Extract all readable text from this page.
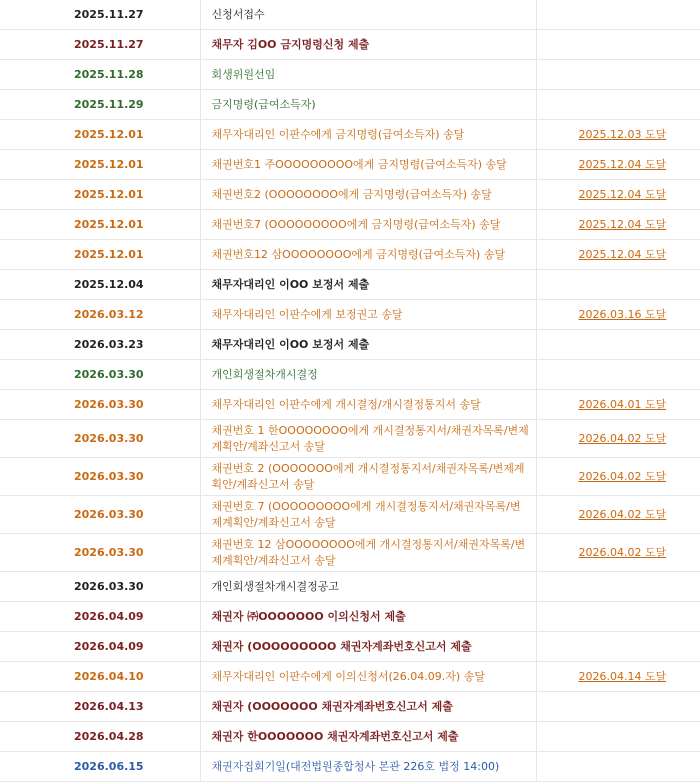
2025.11.27	신청서접수	
2025.11.27	채무자 김OO 금지명령신청 제출	
2025.11.28	회생위원선임	
2025.11.29	금지명령(급여소득자)	
2025.12.01	채무자대리인 이판수에게 금지명령(급여소득자) 송달	2025.12.03 도달
2025.12.01	채권번호1 주OOOOOOOOO에게 금지명령(급여소득자) 송달	2025.12.04 도달
2025.12.01	채권번호2 (OOOOOOOO에게 금지명령(급여소득자) 송달	2025.12.04 도달
2025.12.01	채권번호7 (OOOOOOOOO에게 금지명령(급여소득자) 송달	2025.12.04 도달
2025.12.01	채권번호12 삼OOOOOOOO에게 금지명령(급여소득자) 송달	2025.12.04 도달
2025.12.04	채무자대리인 이OO 보정서 제출	
2026.03.12	채무자대리인 이판수에게 보정권고 송달	2026.03.16 도달
2026.03.23	채무자대리인 이OO 보정서 제출	
2026.03.30	개인회생절차개시결정	
2026.03.30	채무자대리인 이판수에게 개시결정/개시결정통지서 송달	2026.04.01 도달
2026.03.30	채권번호 1 한OOOOOOOO에게 개시결정통지서/채권자목록/변제계획안/계좌신고서 송달	2026.04.02 도달
2026.03.30	채권번호 2 (OOOOOOO에게 개시결정통지서/채권자목록/변제계획안/계좌신고서 송달	2026.04.02 도달
2026.03.30	채권번호 7 (OOOOOOOOO에게 개시결정통지서/채권자목록/변제계획안/계좌신고서 송달	2026.04.02 도달
2026.03.30	채권번호 12 삼OOOOOOOO에게 개시결정통지서/채권자목록/변제계획안/계좌신고서 송달	2026.04.02 도달
2026.03.30	개인회생절차개시결정공고	
2026.04.09	채권자 ㈜OOOOOOO 이의신청서 제출	
2026.04.09	채권자 (OOOOOOOOO 채권자계좌번호신고서 제출	
2026.04.10	채무자대리인 이판수에게 이의신청서(26.04.09.자) 송달	2026.04.14 도달
2026.04.13	채권자 (OOOOOOO 채권자계좌번호신고서 제출	
2026.04.28	채권자 한OOOOOOO 채권자계좌번호신고서 제출	
2026.06.15	채권자집회기일(대전법원종합청사 본관 226호 법정 14:00)	
